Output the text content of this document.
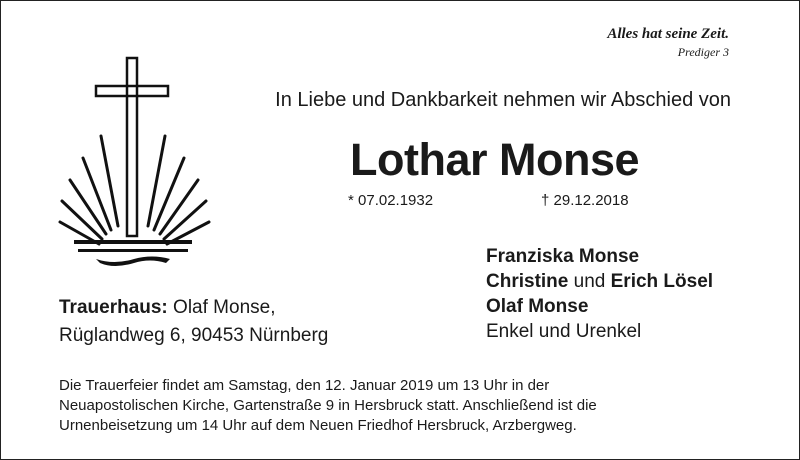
Alles hat seine Zeit.
Prediger 3
In Liebe und Dankbarkeit nehmen wir Abschied von
Lothar Monse
* 07.02.1932	† 29.12.2018
Franziska Monse
Christine und Erich Lösel
Olaf Monse
Enkel und Urenkel
Trauerhaus: Olaf Monse,
Rüglandweg 6, 90453 Nürnberg
Die Trauerfeier findet am Samstag, den 12. Januar 2019 um 13 Uhr in der
Neuapostolischen Kirche, Gartenstraße 9 in Hersbruck statt. Anschließend ist die
Urnenbeisetzung um 14 Uhr auf dem Neuen Friedhof Hersbruck, Arzbergweg.
